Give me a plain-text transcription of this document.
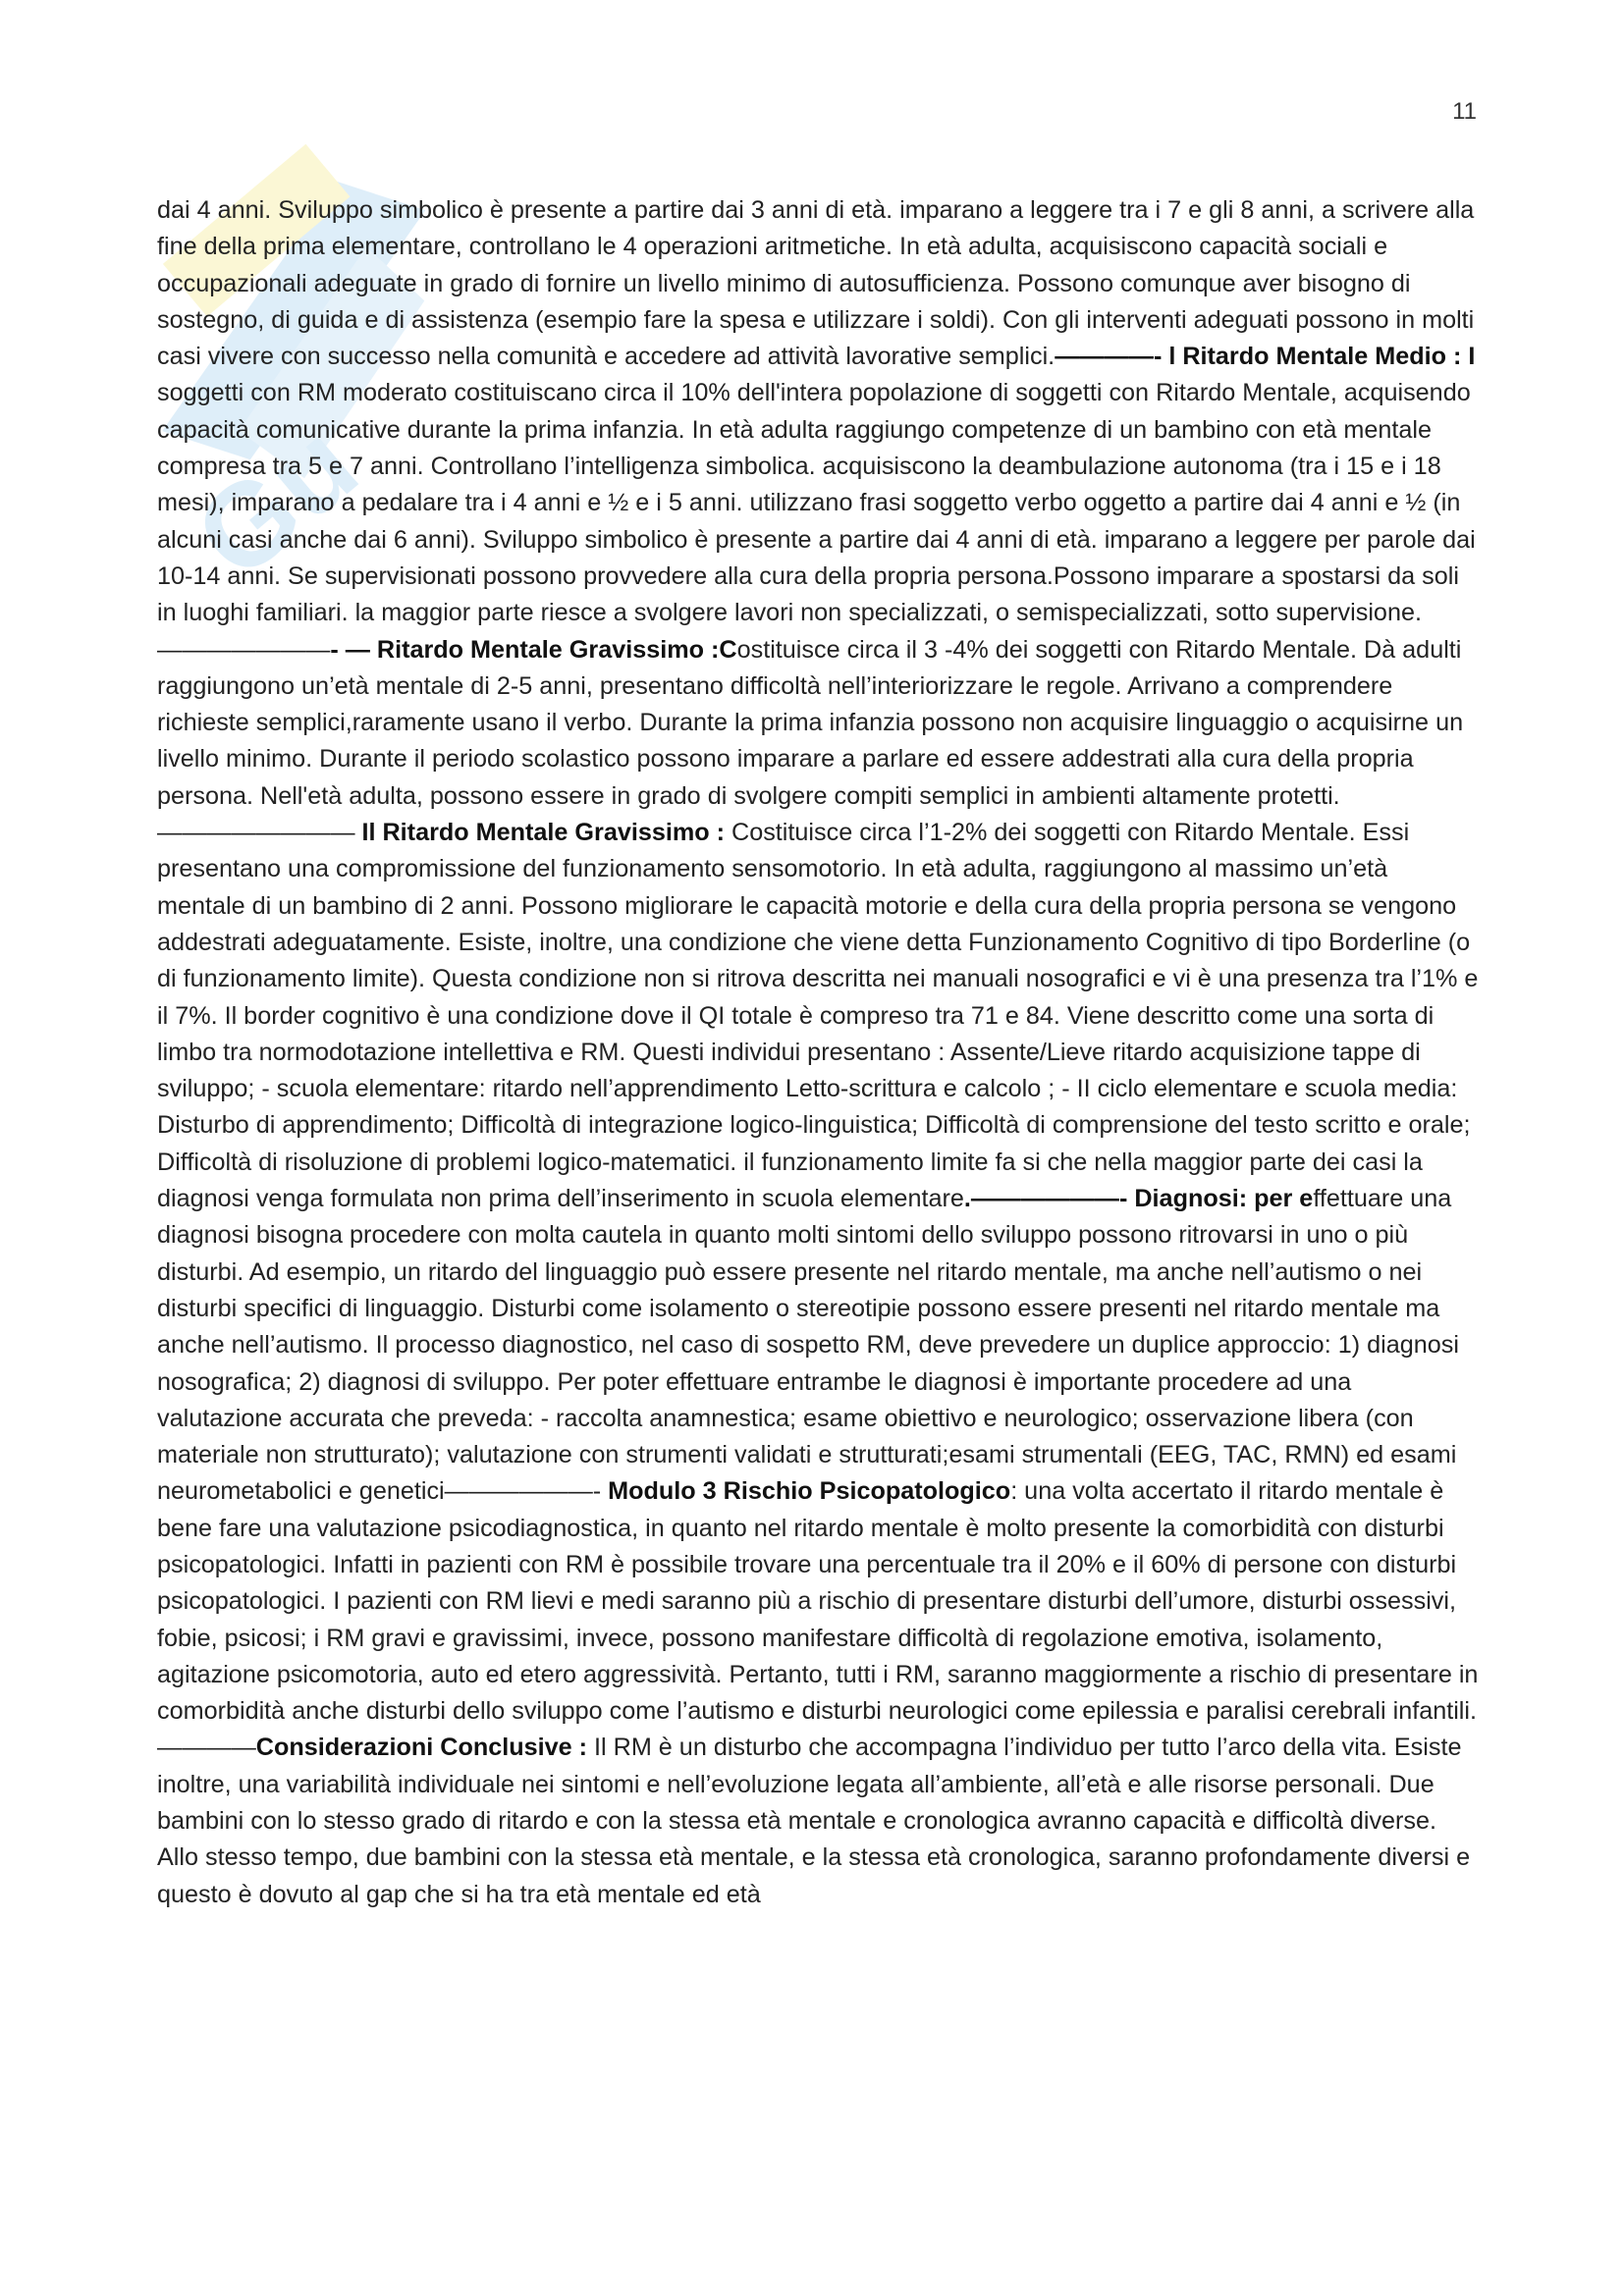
Gu
11

dai 4 anni. Sviluppo simbolico è presente a partire dai 3 anni di età. imparano a leggere tra i 7 e gli 8 anni, a scrivere alla fine della prima elementare, controllano le 4 operazioni aritmetiche. In età adulta, acquisiscono capacità sociali e occupazionali adeguate in grado di fornire un livello minimo di autosufficienza. Possono comunque aver bisogno di sostegno, di guida e di assistenza (esempio fare la spesa e utilizzare i soldi). Con gli interventi adeguati possono in molti casi vivere con successo nella comunità e accedere ad attività lavorative semplici.————- l Ritardo Mentale Medio : I soggetti con RM moderato costituiscano circa il 10% dell'intera popolazione di soggetti con Ritardo Mentale, acquisendo capacità comunicative durante la prima infanzia. In età adulta raggiungo competenze di un bambino con età mentale compresa tra 5 e 7 anni. Controllano l’intelligenza simbolica. acquisiscono la deambulazione autonoma (tra i 15 e i 18 mesi), imparano a pedalare tra i 4 anni e ½ e i 5 anni. utilizzano frasi soggetto verbo oggetto a partire dai 4 anni e ½ (in alcuni casi anche dai 6 anni). Sviluppo simbolico è presente a partire dai 4 anni di età. imparano a leggere per parole dai 10-14 anni. Se supervisionati possono provvedere alla cura della propria persona.Possono imparare a spostarsi da soli in luoghi familiari. la maggior parte riesce a svolgere lavori non specializzati, o semispecializzati, sotto supervisione.———————- — Ritardo Mentale Gravissimo :Costituisce circa il 3 -4% dei soggetti con Ritardo Mentale. Dà adulti raggiungono un’età mentale di 2-5 anni, presentano difficoltà nell’interiorizzare le regole. Arrivano a comprendere richieste semplici,raramente usano il verbo. Durante la prima infanzia possono non acquisire linguaggio o acquisirne un livello minimo. Durante il periodo scolastico possono imparare a parlare ed essere addestrati alla cura della propria persona. Nell'età adulta, possono essere in grado di svolgere compiti semplici in ambienti altamente protetti.———————— Il Ritardo Mentale Gravissimo : Costituisce circa l’1-2% dei soggetti con Ritardo Mentale. Essi presentano una compromissione del funzionamento sensomotorio. In età adulta, raggiungono al massimo un’età mentale di un bambino di 2 anni. Possono migliorare le capacità motorie e della cura della propria persona se vengono addestrati adeguatamente. Esiste, inoltre, una condizione che viene detta Funzionamento Cognitivo di tipo Borderline (o di funzionamento limite). Questa condizione non si ritrova descritta nei manuali nosografici e vi è una presenza tra l’1% e il 7%. Il border cognitivo è una condizione dove il QI totale è compreso tra 71 e 84. Viene descritto come una sorta di limbo tra normodotazione intellettiva e RM. Questi individui presentano : Assente/Lieve ritardo acquisizione tappe di sviluppo; - scuola elementare: ritardo nell’apprendimento Letto-scrittura e calcolo ; - II ciclo elementare e scuola media: Disturbo di apprendimento; Difficoltà di integrazione logico-linguistica; Difficoltà di comprensione del testo scritto e orale; Difficoltà di risoluzione di problemi logico-matematici. il funzionamento limite fa si che nella maggior parte dei casi la diagnosi venga formulata non prima dell’inserimento in scuola elementare.——————- Diagnosi: per effettuare una diagnosi bisogna procedere con molta cautela in quanto molti sintomi dello sviluppo possono ritrovarsi in uno o più disturbi. Ad esempio, un ritardo del linguaggio può essere presente nel ritardo mentale, ma anche nell’autismo o nei disturbi specifici di linguaggio. Disturbi come isolamento o stereotipie possono essere presenti nel ritardo mentale ma anche nell’autismo. Il processo diagnostico, nel caso di sospetto RM, deve prevedere un duplice approccio: 1) diagnosi nosografica; 2) diagnosi di sviluppo. Per poter effettuare entrambe le diagnosi è importante procedere ad una valutazione accurata che preveda: - raccolta anamnestica; esame obiettivo e neurologico; osservazione libera (con materiale non strutturato); valutazione con strumenti validati e strutturati;esami strumentali (EEG, TAC, RMN) ed esami neurometabolici e genetici——————- Modulo 3 Rischio Psicopatologico: una volta accertato il ritardo mentale è bene fare una valutazione psicodiagnostica, in quanto nel ritardo mentale è molto presente la comorbidità con disturbi psicopatologici. Infatti in pazienti con RM è possibile trovare una percentuale tra il 20% e il 60% di persone con disturbi psicopatologici. I pazienti con RM lievi e medi saranno più a rischio di presentare disturbi dell’umore, disturbi ossessivi, fobie, psicosi; i RM gravi e gravissimi, invece, possono manifestare difficoltà di regolazione emotiva, isolamento, agitazione psicomotoria, auto ed etero aggressività. Pertanto, tutti i RM, saranno maggiormente a rischio di presentare in comorbidità anche disturbi dello sviluppo come l’autismo e disturbi neurologici come epilessia e paralisi cerebrali infantili. ————Considerazioni Conclusive : Il RM è un disturbo che accompagna l’individuo per tutto l’arco della vita. Esiste inoltre, una variabilità individuale nei sintomi e nell’evoluzione legata all’ambiente, all’età e alle risorse personali. Due bambini con lo stesso grado di ritardo e con la stessa età mentale e cronologica avranno capacità e difficoltà diverse. Allo stesso tempo, due bambini con la stessa età mentale, e la stessa età cronologica, saranno profondamente diversi e questo è dovuto al gap che si ha tra età mentale ed età
